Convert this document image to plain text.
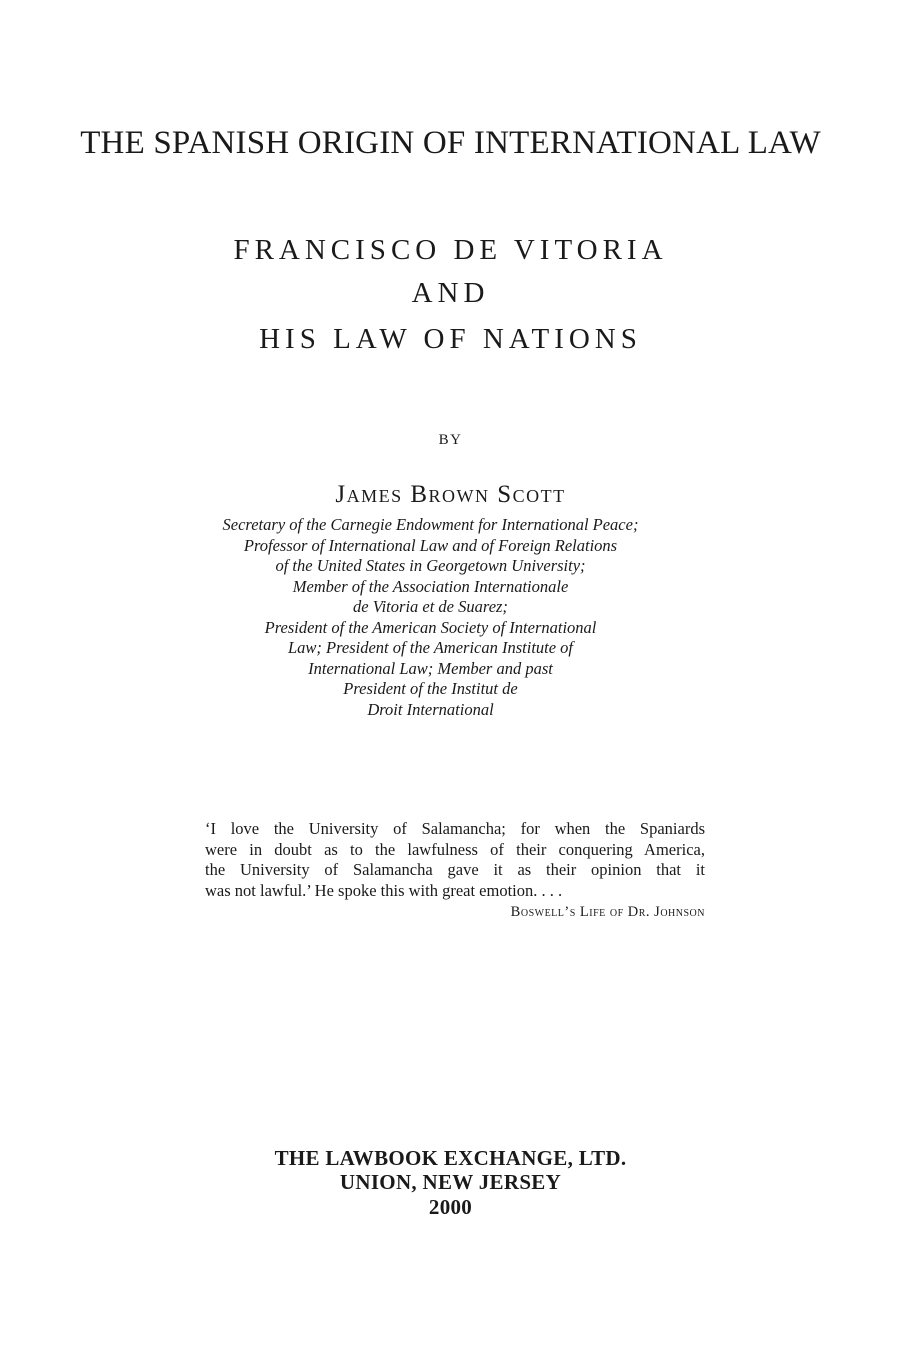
THE SPANISH ORIGIN OF INTERNATIONAL LAW
FRANCISCO DE VITORIA
AND
HIS LAW OF NATIONS
BY
James Brown Scott
Secretary of the Carnegie Endowment for International Peace;
Professor of International Law and of Foreign Relations
of the United States in Georgetown University;
Member of the Association Internationale
de Vitoria et de Suarez;
President of the American Society of International
Law; President of the American Institute of
International Law; Member and past
President of the Institut de
Droit International
‘I love the University of Salamancha; for when the Spaniards
were in doubt as to the lawfulness of their conquering America,
the University of Salamancha gave it as their opinion that it
was not lawful.’ He spoke this with great emotion. . . .
Boswell’s Life of Dr. Johnson
THE LAWBOOK EXCHANGE, LTD.
UNION, NEW JERSEY
2000
